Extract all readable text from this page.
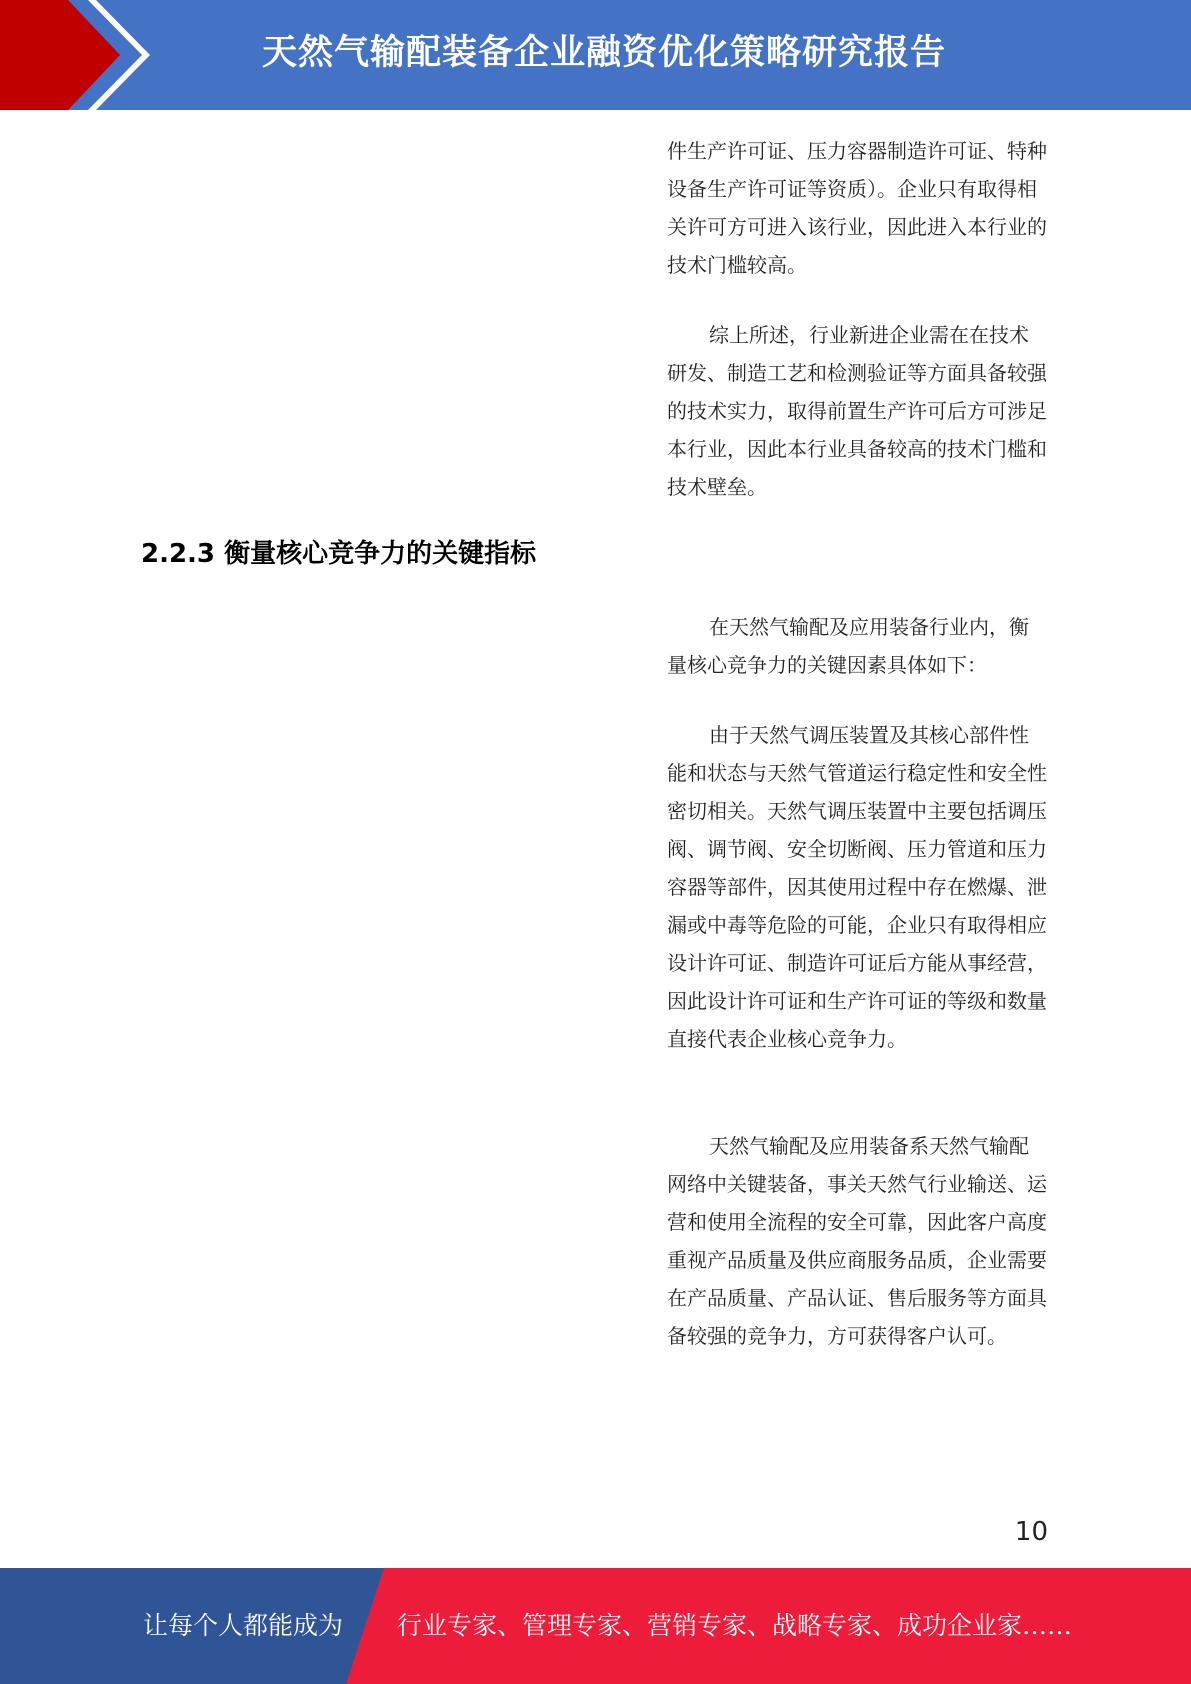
天然气输配装备企业融资优化策略研究报告

件生产许可证、压力容器制造许可证、特种设备生产许可证等资质）。企业只有取得相关许可方可进入该行业，因此进入本行业的技术门槛较高。

综上所述，行业新进企业需在在技术研发、制造工艺和检测验证等方面具备较强的技术实力，取得前置生产许可后方可涉足本行业，因此本行业具备较高的技术门槛和技术壁垒。

2.2.3 衡量核心竞争力的关键指标

在天然气输配及应用装备行业内，衡量核心竞争力的关键因素具体如下：

由于天然气调压装置及其核心部件性能和状态与天然气管道运行稳定性和安全性密切相关。天然气调压装置中主要包括调压阀、调节阀、安全切断阀、压力管道和压力容器等部件，因其使用过程中存在燃爆、泄漏或中毒等危险的可能，企业只有取得相应设计许可证、制造许可证后方能从事经营，因此设计许可证和生产许可证的等级和数量直接代表企业核心竞争力。

天然气输配及应用装备系天然气输配网络中关键装备，事关天然气行业输送、运营和使用全流程的安全可靠，因此客户高度重视产品质量及供应商服务品质，企业需要在产品质量、产品认证、售后服务等方面具备较强的竞争力，方可获得客户认可。

10
让每个人都能成为 行业专家、管理专家、营销专家、战略专家、成功企业家……
